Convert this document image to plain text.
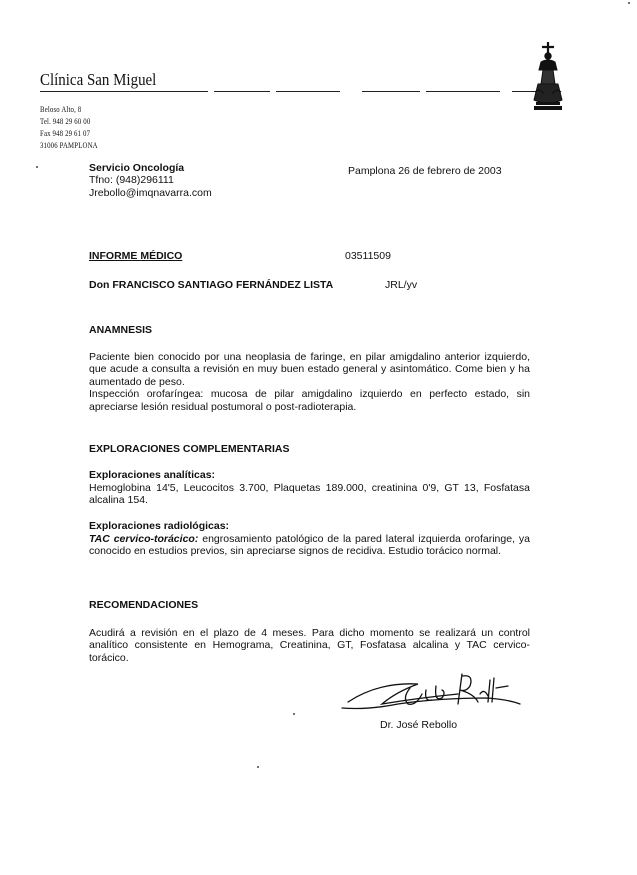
Clínica San Miguel
Beloso Alto, 8
Tel. 948 29 60 00
Fax 948 29 61 07
31006 PAMPLONA
Servicio Oncología
Tfno: (948)296111
Jrebollo@imqnavarra.com
Pamplona 26 de febrero de 2003
INFORME MÉDICO	03511509
Don FRANCISCO SANTIAGO FERNÁNDEZ LISTA	JRL/yv
ANAMNESIS

Paciente bien conocido por una neoplasia de faringe, en pilar amigdalino anterior izquierdo, que acude a consulta a revisión en muy buen estado general y asintomático. Come bien y ha aumentado de peso.

Inspección orofaríngea: mucosa de pilar amigdalino izquierdo en perfecto estado, sin apreciarse lesión residual postumoral o post-radioterapia.

EXPLORACIONES COMPLEMENTARIAS
Exploraciones analíticas:
Hemoglobina 14'5, Leucocitos 3.700, Plaquetas 189.000, creatinina 0'9, GT 13, Fosfatasa alcalina 154.
Exploraciones radiológicas:
TAC cervico-torácico: engrosamiento patológico de la pared lateral izquierda orofaringe, ya conocido en estudios previos, sin apreciarse signos de recidiva. Estudio torácico normal.
RECOMENDACIONES
Acudirá a revisión en el plazo de 4 meses. Para dicho momento se realizará un control analítico consistente en Hemograma, Creatinina, GT, Fosfatasa alcalina y TAC cervico-torácico.
Dr. José Rebollo
